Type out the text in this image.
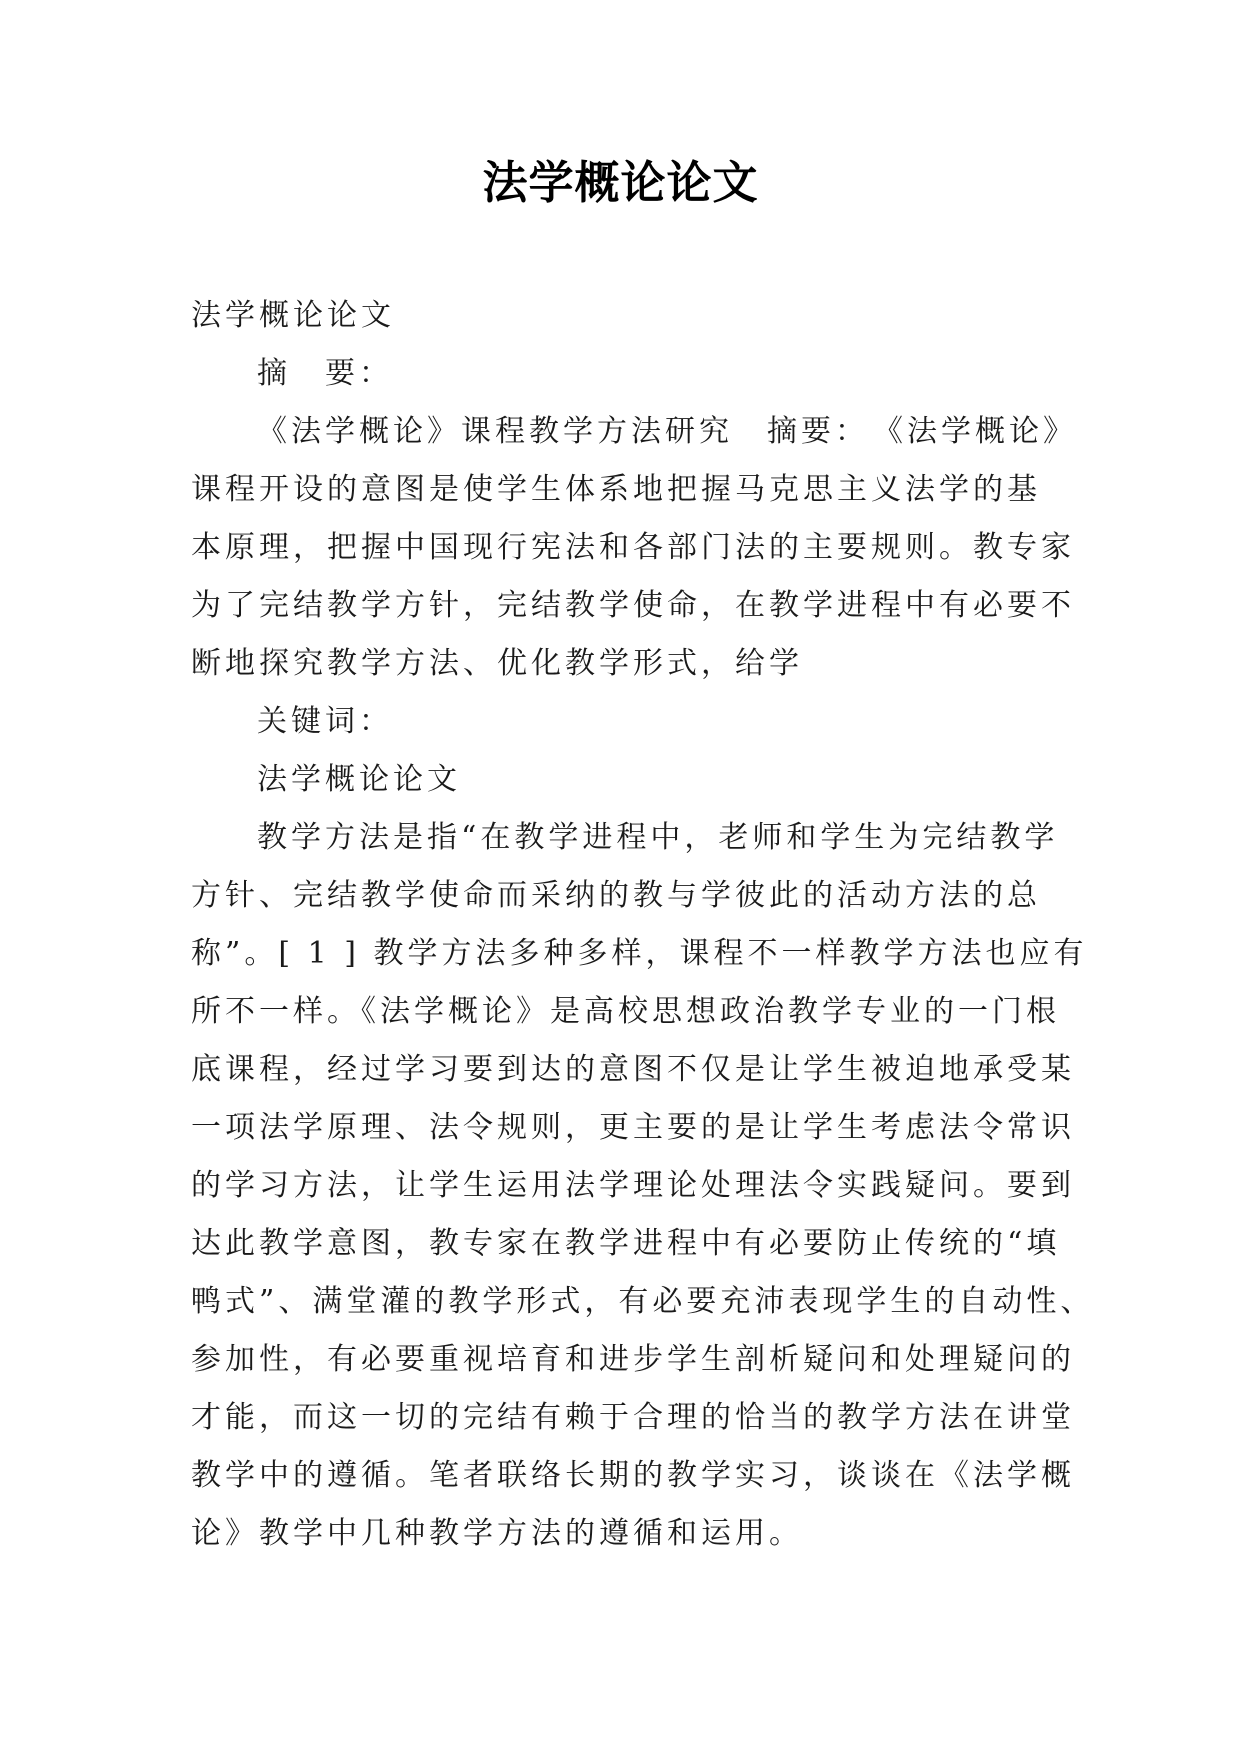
法学概论论文
法学概论论文
摘　要：
《法学概论》课程教学方法研究　摘要：　《法学概论》
课程开设的意图是使学生体系地把握马克思主义法学的基
本原理，把握中国现行宪法和各部门法的主要规则。教专家
为了完结教学方针，完结教学使命，在教学进程中有必要不
断地探究教学方法、优化教学形式，给学
关键词：
法学概论论文
教学方法是指“在教学进程中，老师和学生为完结教学
方针、完结教学使命而采纳的教与学彼此的活动方法的总
称”。[ 1 ] 教学方法多种多样，课程不一样教学方法也应有
所不一样。《法学概论》是高校思想政治教学专业的一门根
底课程，经过学习要到达的意图不仅是让学生被迫地承受某
一项法学原理、法令规则，更主要的是让学生考虑法令常识
的学习方法，让学生运用法学理论处理法令实践疑问。要到
达此教学意图，教专家在教学进程中有必要防止传统的“填
鸭式”、满堂灌的教学形式，有必要充沛表现学生的自动性、
参加性，有必要重视培育和进步学生剖析疑问和处理疑问的
才能，而这一切的完结有赖于合理的恰当的教学方法在讲堂
教学中的遵循。笔者联络长期的教学实习，谈谈在《法学概
论》教学中几种教学方法的遵循和运用。
